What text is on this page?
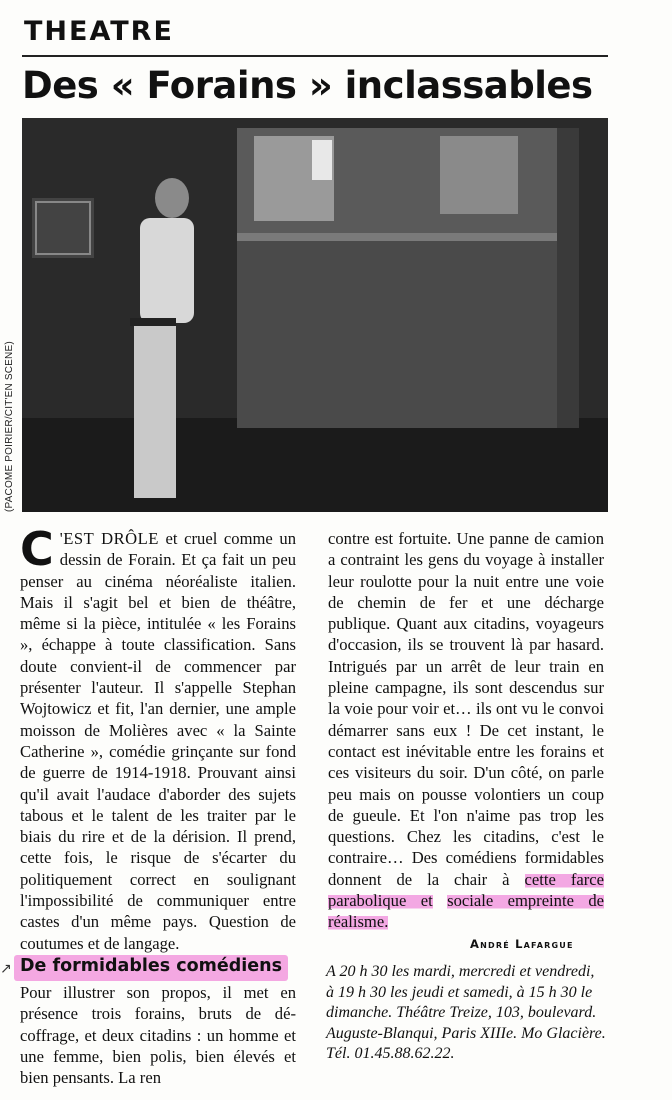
THEATRE
Des « Forains » inclassables
(PACOME POIRIER/CIT'EN SCENE)

C 'EST DRÔLE et cruel comme un dessin de Forain. Et ça fait un peu penser au cinéma néoréaliste italien. Mais il s'agit bel et bien de théâtre, même si la pièce, intitulée « les Forains », échappe à toute classification. Sans doute convient-il de commencer par présenter l'auteur. Il s'appelle Stephan Wojtowicz et fit, l'an dernier, une ample moisson de Molières avec « la Sainte Catherine », comédie grinçante sur fond de guerre de 1914-1918. Prouvant ainsi qu'il avait l'audace d'aborder des sujets tabous et le talent de les traiter par le biais du rire et de la dérision. Il prend, cette fois, le risque de s'écarter du politiquement correct en soulignant l'impossibilité de communiquer entre castes d'un même pays. Question de coutumes et de langage.

↗ De formidables comédiens

Pour illustrer son propos, il met en présence trois forains, bruts de décoffrage, et deux citadins : un homme et une femme, bien polis, bien élevés et bien pensants. La ren

contre est fortuite. Une panne de camion a contraint les gens du voyage à installer leur roulotte pour la nuit entre une voie de chemin de fer et une décharge publique. Quant aux citadins, voyageurs d'occasion, ils se trouvent là par hasard. Intrigués par un arrêt de leur train en pleine campagne, ils sont descendus sur la voie pour voir et… ils ont vu le convoi démarrer sans eux ! De cet instant, le contact est inévitable entre les forains et ces visiteurs du soir. D'un côté, on parle peu mais on pousse volontiers un coup de gueule. Et l'on n'aime pas trop les questions. Chez les citadins, c'est le contraire… Des comédiens formidables donnent de la chair à cette farce parabolique et sociale empreinte de réalisme.

André Lafargue
A 20 h 30 les mardi, mercredi et vendredi, à 19 h 30 les jeudi et samedi, à 15 h 30 le dimanche. Théâtre Treize, 103, boulevard. Auguste-Blanqui, Paris XIIIe. Mo Glacière. Tél. 01.45.88.62.22.
